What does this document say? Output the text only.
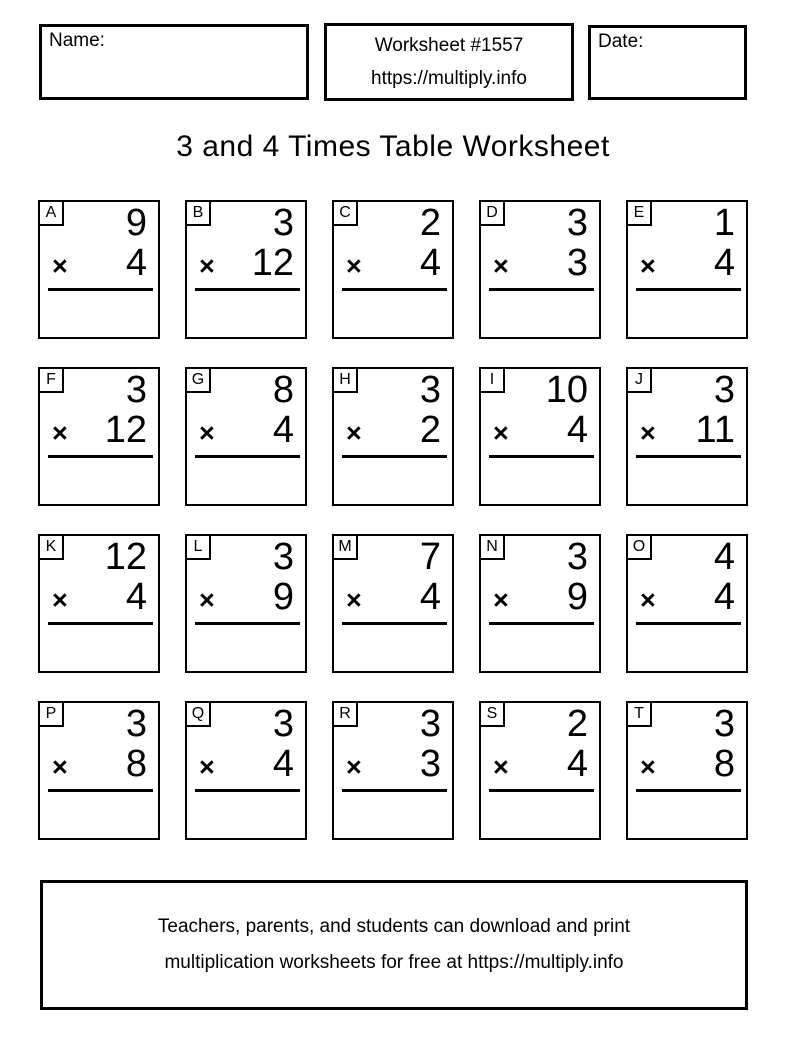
Name:	Worksheet #1557
https://multiply.info
Date:
3 and 4 Times Table Worksheet
A	9
× 4
B	3
× 12
C	2
× 4
D	3
× 3
E	1
× 4
F	3
× 12
G	8
× 4
H	3
× 2
I	10
× 4
J	3
× 11
K	12
× 4
L	3
× 9
M	7
× 4
N	3
× 9
O	4
× 4
P	3
× 8
Q	3
× 4
R	3
× 3
S	2
× 4
T	3
× 8
Teachers, parents, and students can download and print
multiplication worksheets for free at https://multiply.info
